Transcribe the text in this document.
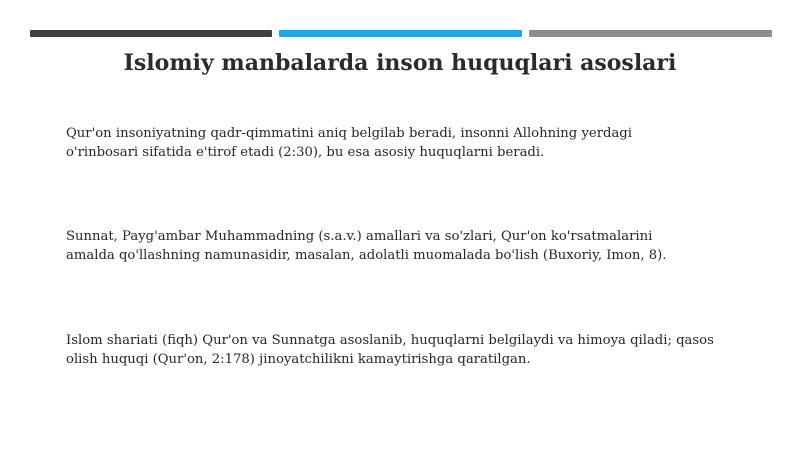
Islomiy manbalarda inson huquqlari asoslari
Qur'on insoniyatning qadr-qimmatini aniq belgilab beradi, insonni Allohning yerdagi
o'rinbosari sifatida e'tirof etadi (2:30), bu esa asosiy huquqlarni beradi.
Sunnat, Payg'ambar Muhammadning (s.a.v.) amallari va so'zlari, Qur'on ko'rsatmalarini
amalda qo'llashning namunasidir, masalan, adolatli muomalada bo'lish (Buxoriy, Imon, 8).
Islom shariati (fiqh) Qur'on va Sunnatga asoslanib, huquqlarni belgilaydi va himoya qiladi; qasos
olish huquqi (Qur'on, 2:178) jinoyatchilikni kamaytirishga qaratilgan.
